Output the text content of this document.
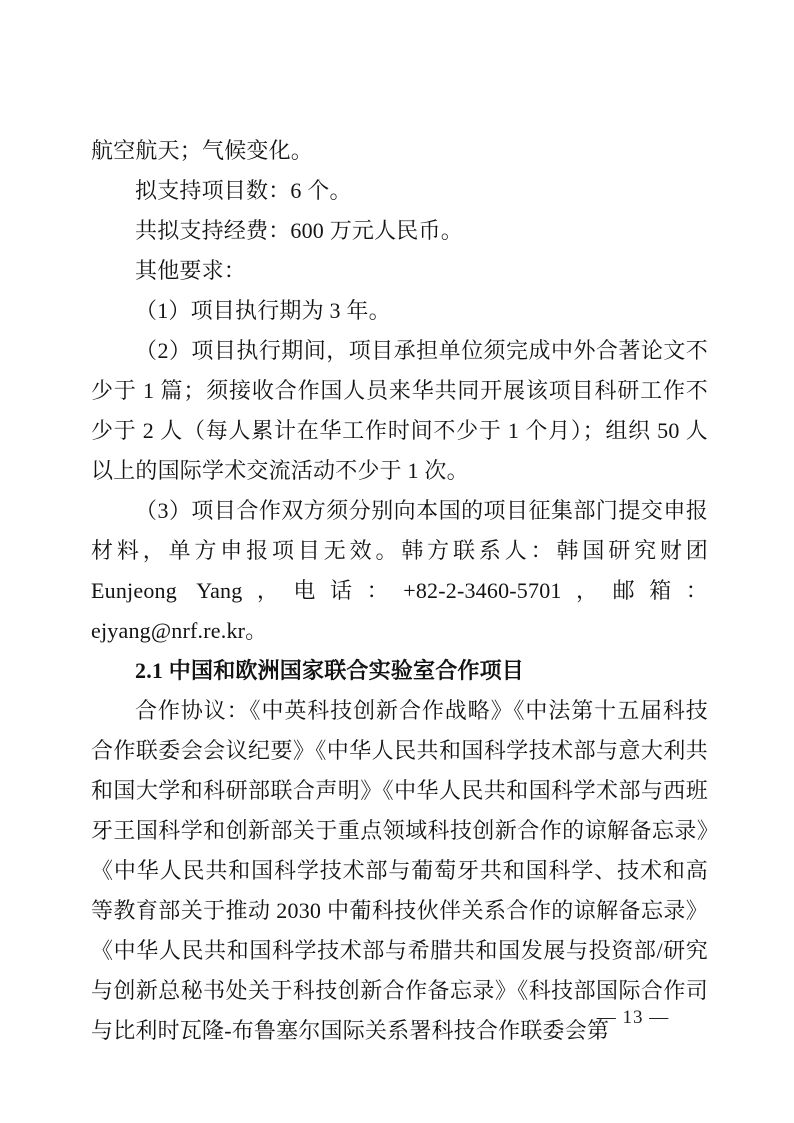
航空航天；气候变化。

拟支持项目数：6 个。

共拟支持经费：600 万元人民币。

其他要求：

（1）项目执行期为 3 年。

（2）项目执行期间，项目承担单位须完成中外合著论文不少于 1 篇；须接收合作国人员来华共同开展该项目科研工作不少于 2 人（每人累计在华工作时间不少于 1 个月）；组织 50 人以上的国际学术交流活动不少于 1 次。

（3）项目合作双方须分别向本国的项目征集部门提交申报材料，单方申报项目无效。韩方联系人：韩国研究财团 Eunjeong Yang，电话：+82-2-3460-5701，邮箱：ejyang@nrf.re.kr。

2.1 中国和欧洲国家联合实验室合作项目

合作协议：《中英科技创新合作战略》《中法第十五届科技合作联委会会议纪要》《中华人民共和国科学技术部与意大利共和国大学和科研部联合声明》《中华人民共和国科学术部与西班牙王国科学和创新部关于重点领域科技创新合作的谅解备忘录》《中华人民共和国科学技术部与葡萄牙共和国科学、技术和高等教育部关于推动 2030 中葡科技伙伴关系合作的谅解备忘录》《中华人民共和国科学技术部与希腊共和国发展与投资部/研究与创新总秘书处关于科技创新合作备忘录》《科技部国际合作司与比利时瓦隆-布鲁塞尔国际关系署科技合作联委会第

— 13 —
